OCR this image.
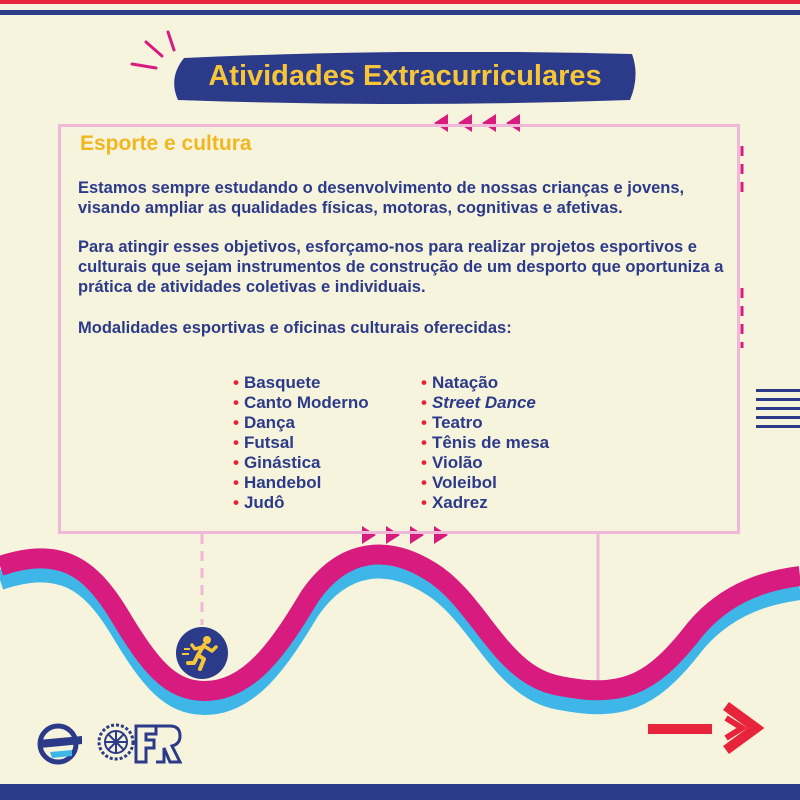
Atividades Extracurriculares
Esporte e cultura
Estamos sempre estudando o desenvolvimento de nossas crianças e jovens, visando ampliar as qualidades físicas, motoras, cognitivas e afetivas.
Para atingir esses objetivos, esforçamo-nos para realizar projetos esportivos e culturais que sejam instrumentos de construção de um desporto que oportuniza a prática de atividades coletivas e individuais.
Modalidades esportivas e oficinas culturais oferecidas:
• Basquete
• Canto Moderno
• Dança
• Futsal
• Ginástica
• Handebol
• Judô
• Natação
• Street Dance
• Teatro
• Tênis de mesa
• Violão
• Voleibol
• Xadrez
